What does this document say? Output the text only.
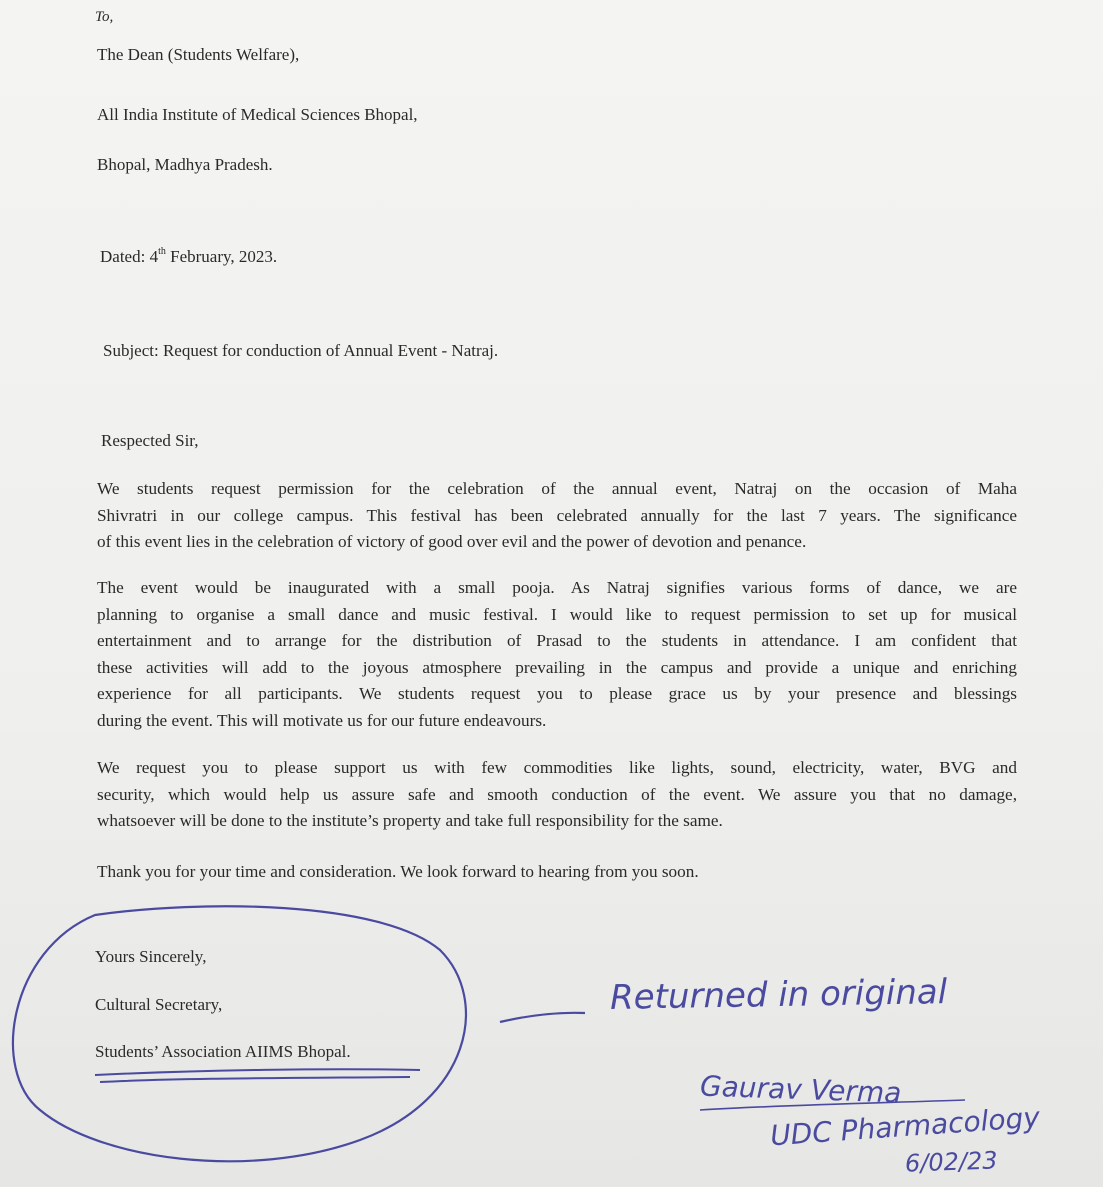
To,
The Dean (Students Welfare),
All India Institute of Medical Sciences Bhopal,
Bhopal, Madhya Pradesh.
Dated: 4th February, 2023.
Subject: Request for conduction of Annual Event - Natraj.
Respected Sir,
We students request permission for the celebration of the annual event, Natraj on the occasion of Maha
Shivratri in our college campus. This festival has been celebrated annually for the last 7 years. The significance
of this event lies in the celebration of victory of good over evil and the power of devotion and penance.
The event would be inaugurated with a small pooja. As Natraj signifies various forms of dance, we are
planning to organise a small dance and music festival. I would like to request permission to set up for musical
entertainment and to arrange for the distribution of Prasad to the students in attendance. I am confident that
these activities will add to the joyous atmosphere prevailing in the campus and provide a unique and enriching
experience for all participants. We students request you to please grace us by your presence and blessings
during the event. This will motivate us for our future endeavours.
We request you to please support us with few commodities like lights, sound, electricity, water, BVG and
security, which would help us assure safe and smooth conduction of the event. We assure you that no damage,
whatsoever will be done to the institute’s property and take full responsibility for the same.
Thank you for your time and consideration. We look forward to hearing from you soon.
Yours Sincerely,
Cultural Secretary,
Students’ Association AIIMS Bhopal.
Returned in original
Gaurav Verma
UDC Pharmacology
6/02/23
